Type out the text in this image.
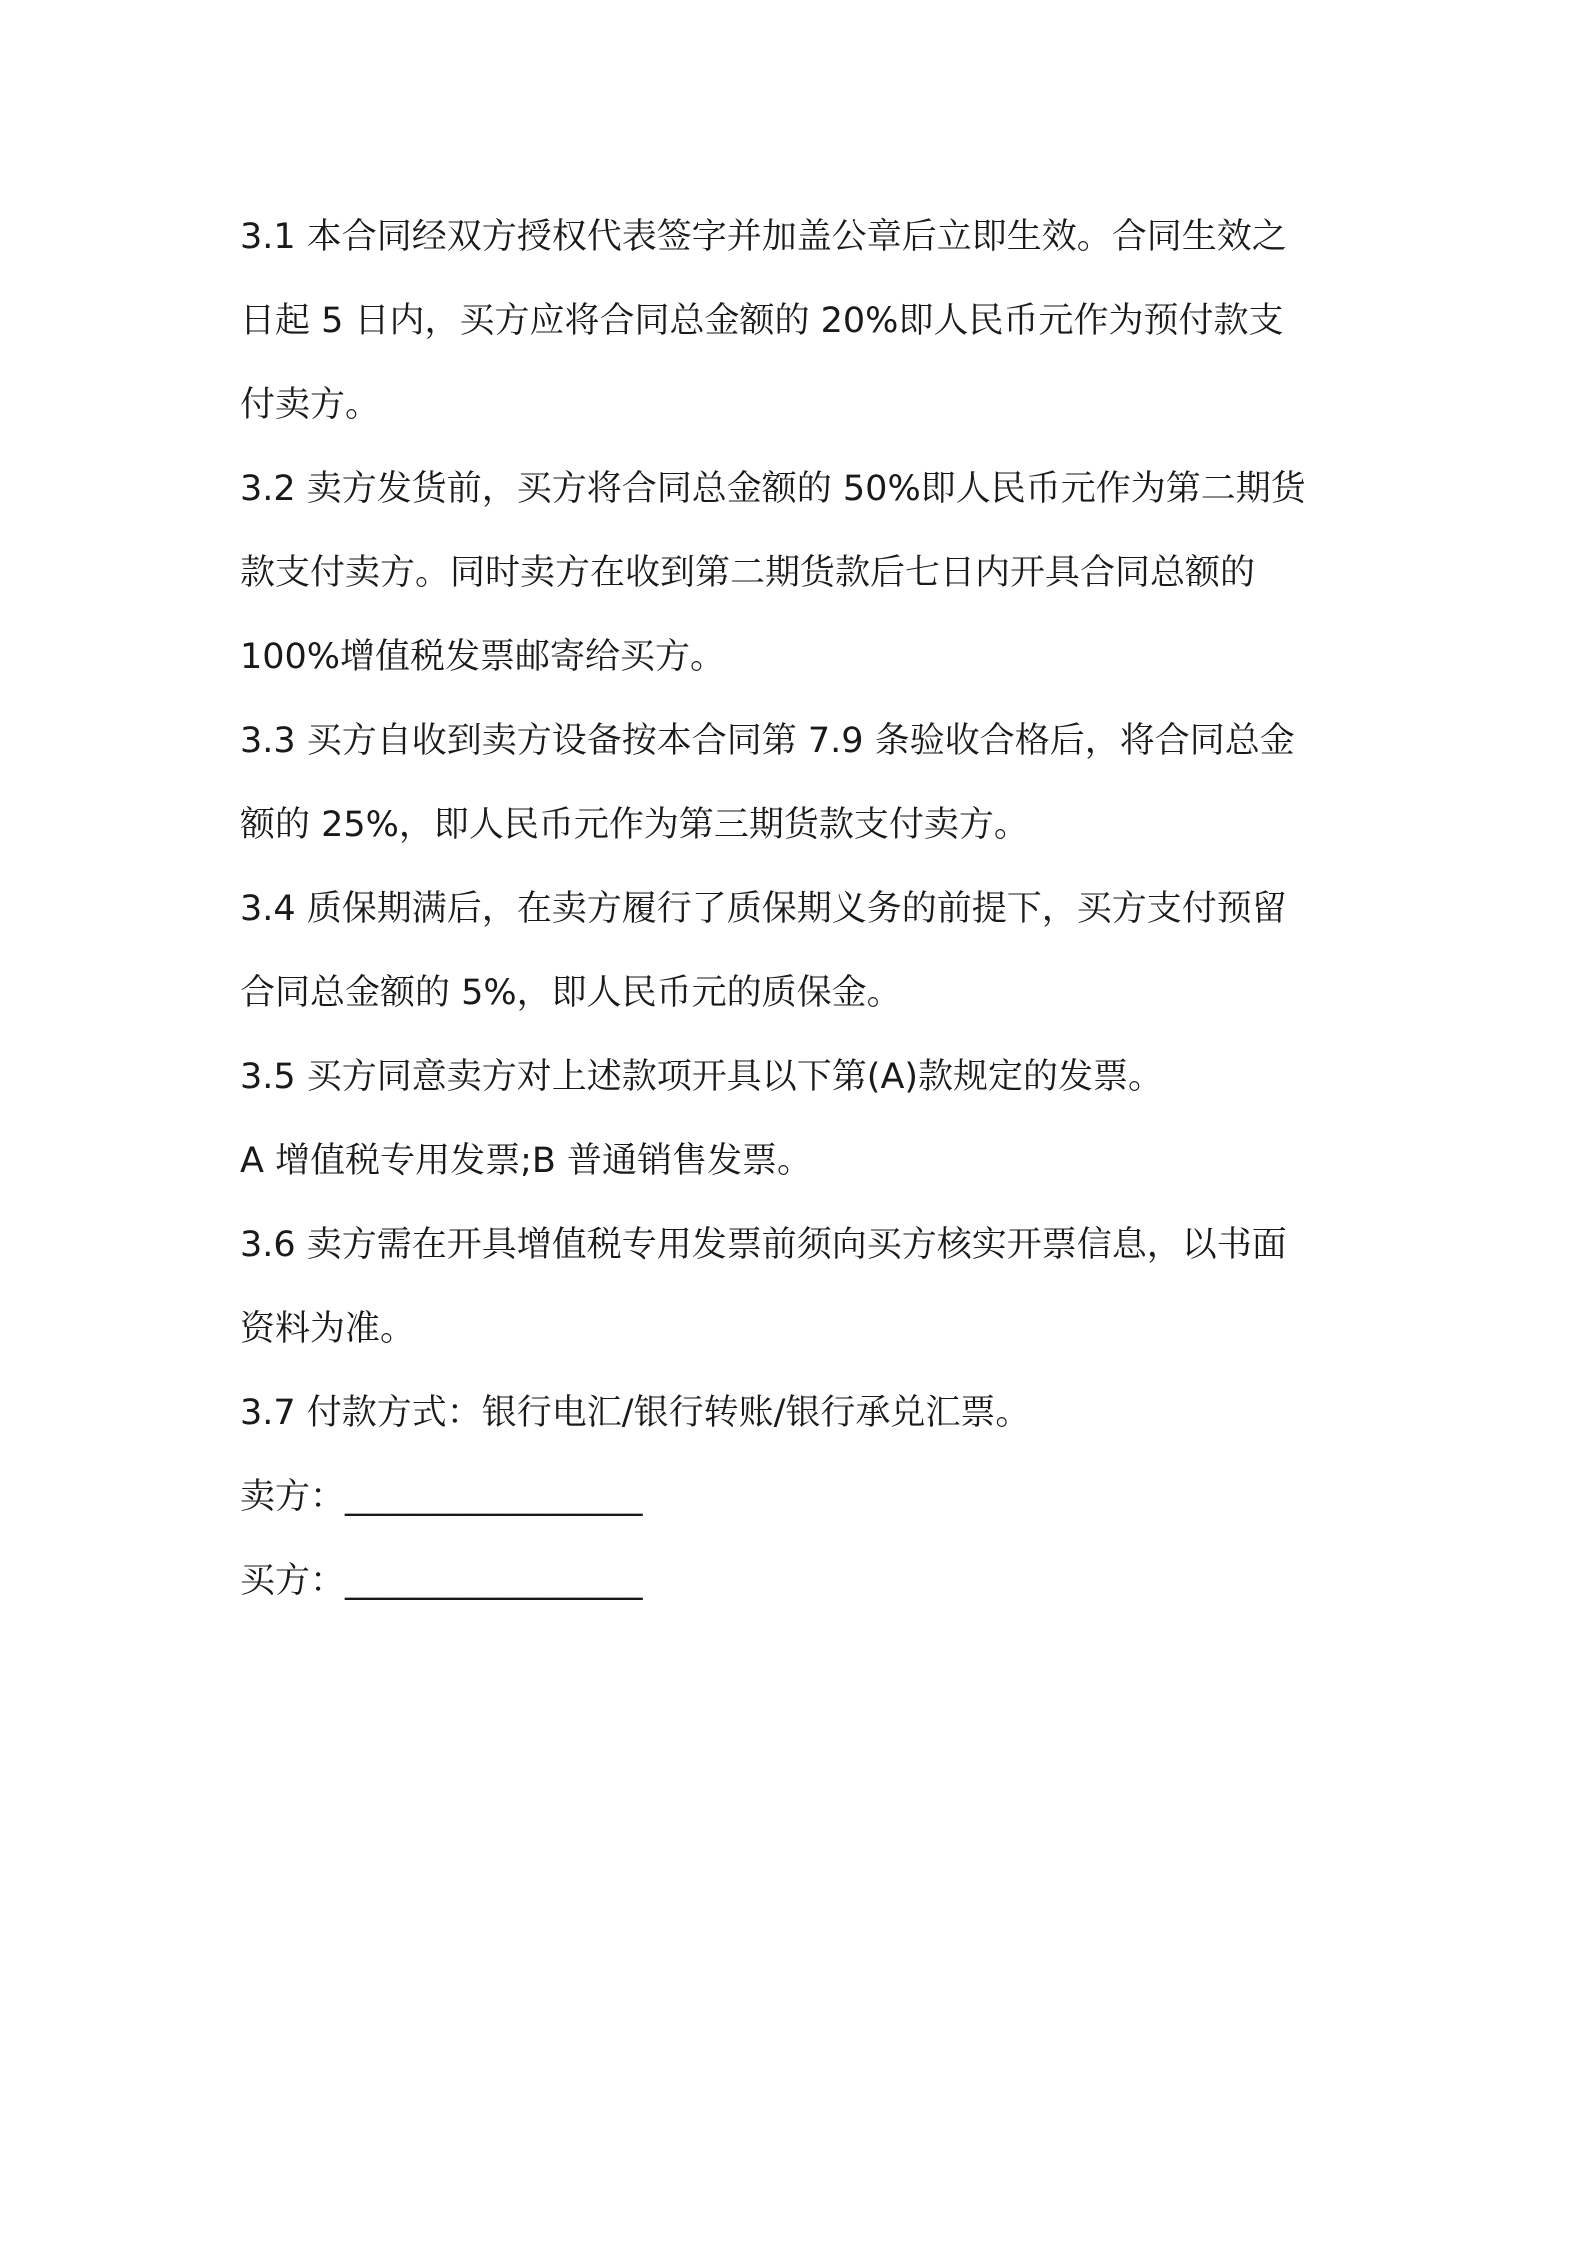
3.1 本合同经双方授权代表签字并加盖公章后立即生效。合同生效之
日起 5 日内，买方应将合同总金额的 20%即人民币元作为预付款支
付卖方。

3.2 卖方发货前，买方将合同总金额的 50%即人民币元作为第二期货
款支付卖方。同时卖方在收到第二期货款后七日内开具合同总额的
100%增值税发票邮寄给买方。

3.3 买方自收到卖方设备按本合同第 7.9 条验收合格后，将合同总金
额的 25%，即人民币元作为第三期货款支付卖方。

3.4 质保期满后，在卖方履行了质保期义务的前提下，买方支付预留
合同总金额的 5%，即人民币元的质保金。

3.5 买方同意卖方对上述款项开具以下第(A)款规定的发票。

A 增值税专用发票;B 普通销售发票。

3.6 卖方需在开具增值税专用发票前须向买方核实开票信息，以书面
资料为准。

3.7 付款方式：银行电汇/银行转账/银行承兑汇票。

卖方：_________________

买方：_________________
